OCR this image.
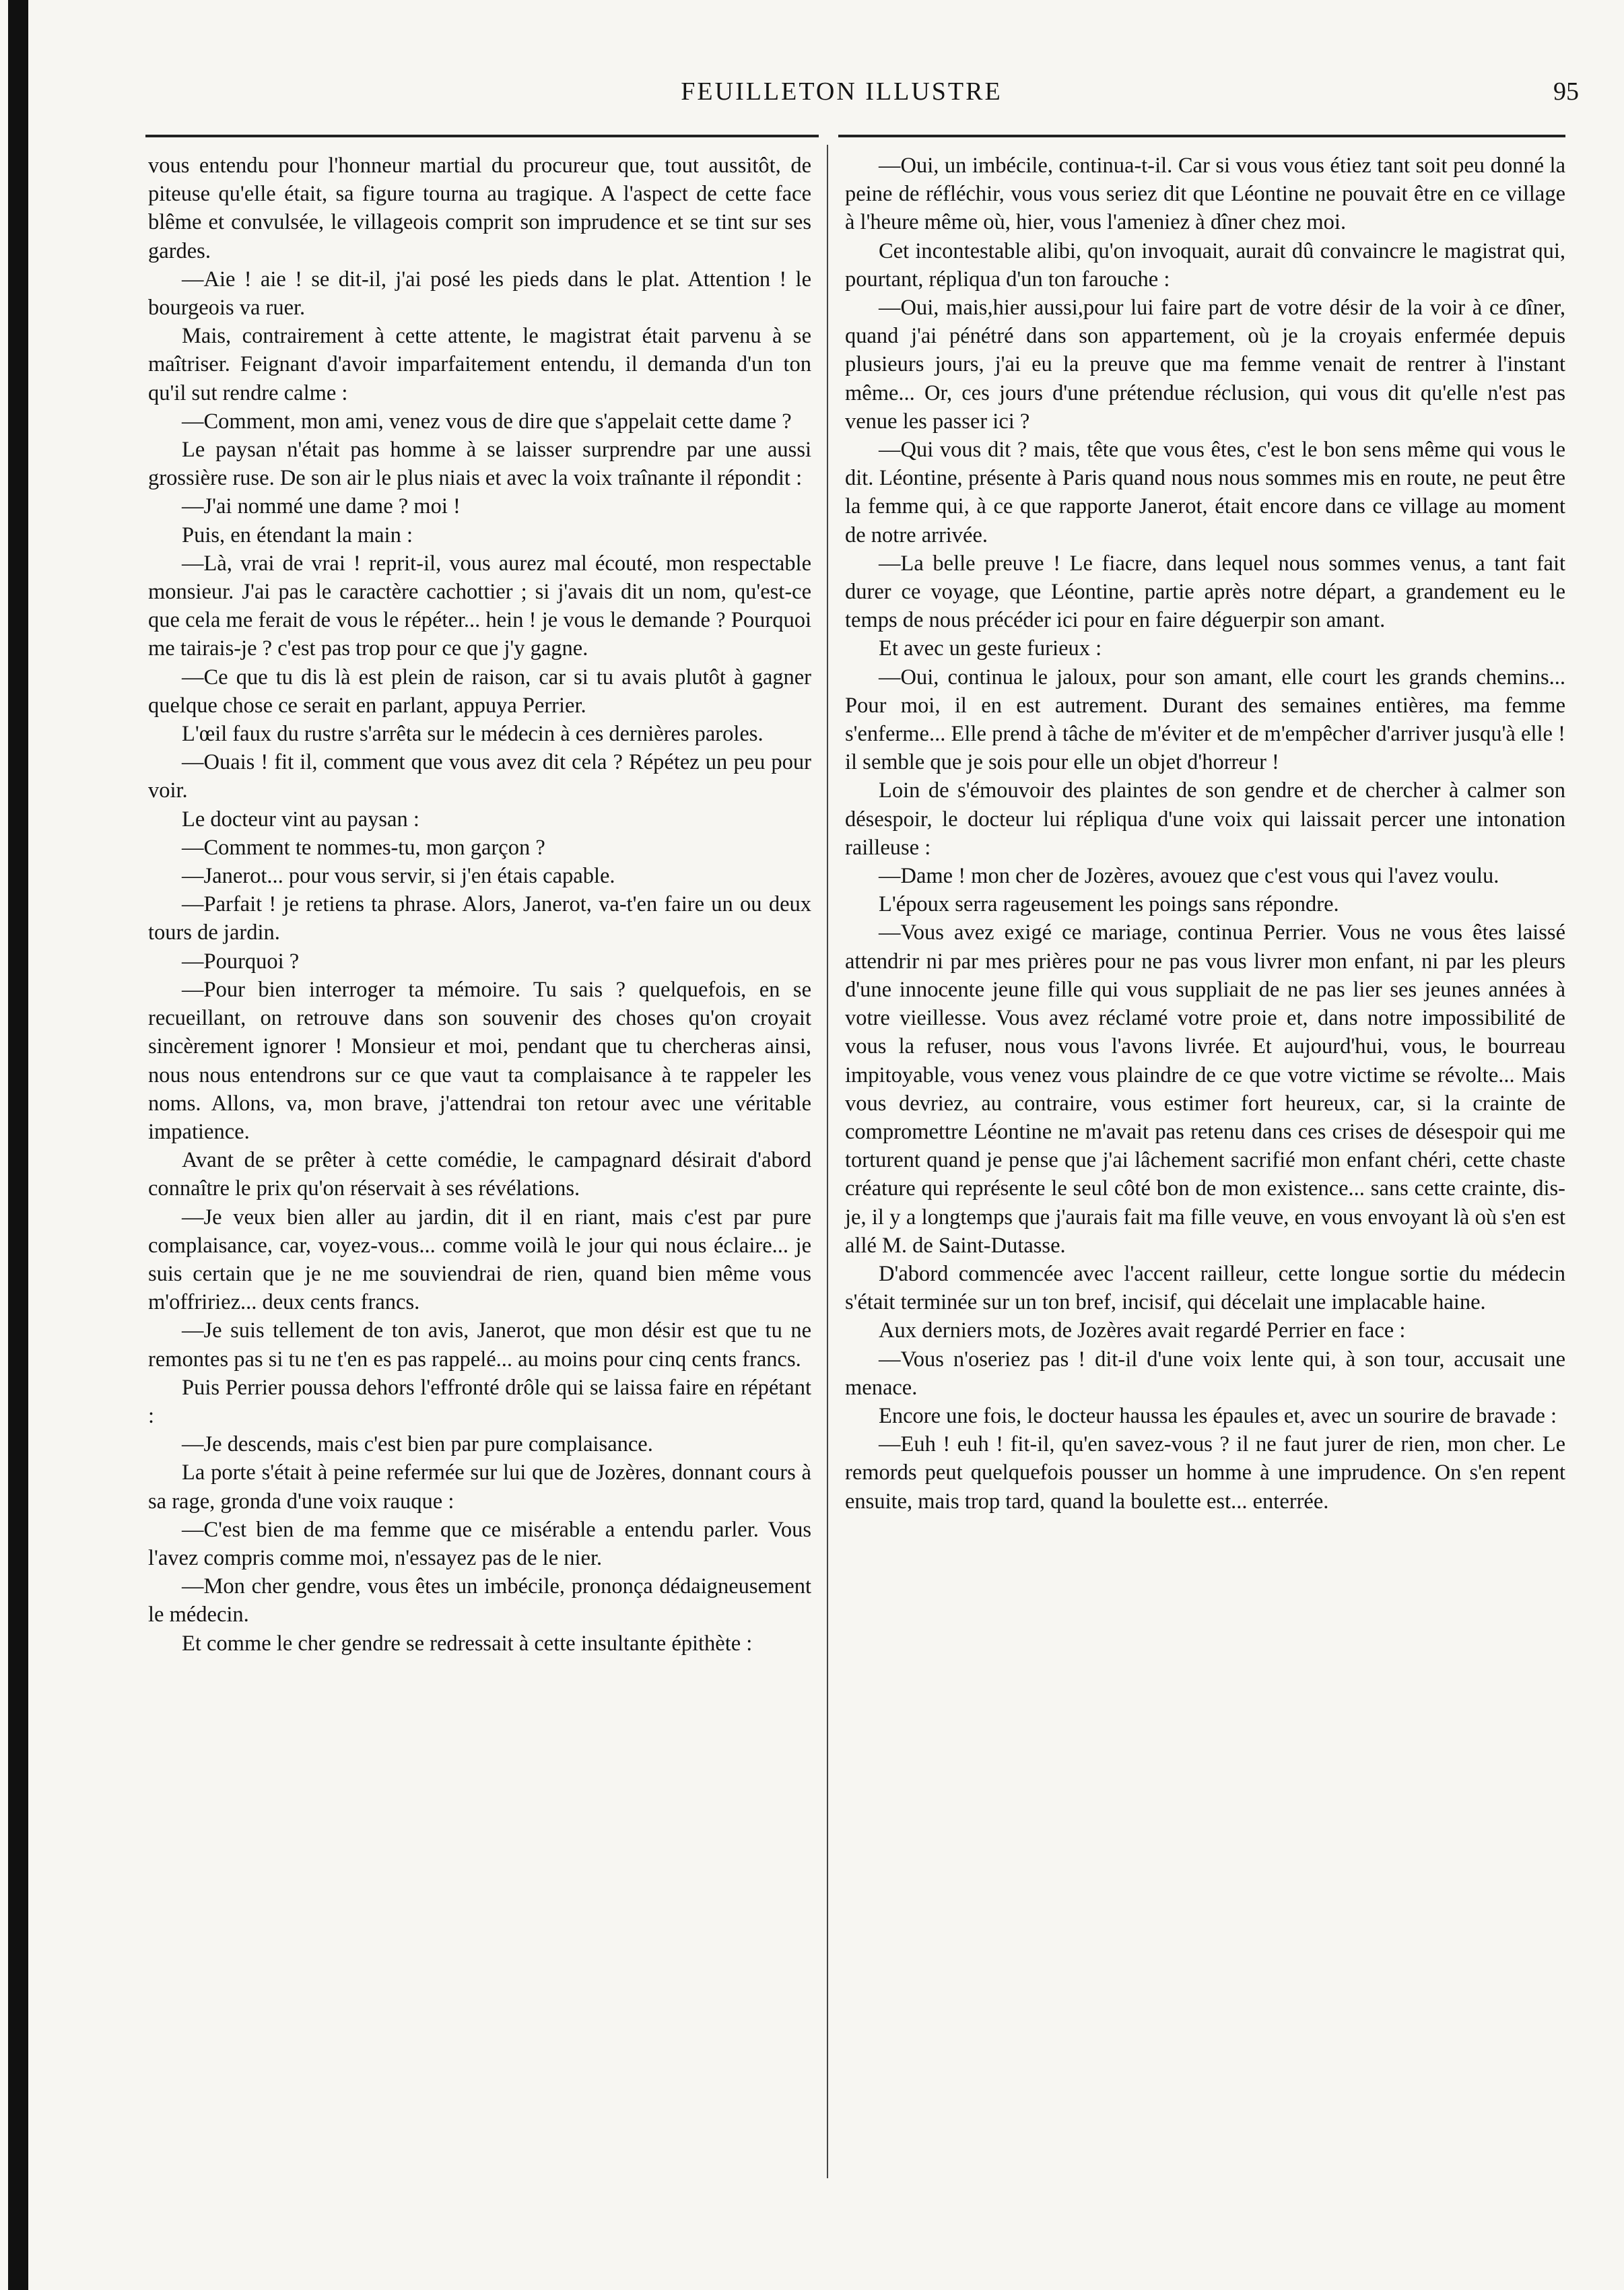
FEUILLETON ILLUSTRE	95

vous entendu pour l'honneur martial du procureur que, tout aussitôt, de piteuse qu'elle était, sa figure tourna au tragique. A l'aspect de cette face blême et convulsée, le villageois comprit son imprudence et se tint sur ses gardes.

—Aie ! aie ! se dit-il, j'ai posé les pieds dans le plat. Attention ! le bourgeois va ruer.

Mais, contrairement à cette attente, le magistrat était parvenu à se maîtriser. Feignant d'avoir imparfaitement entendu, il demanda d'un ton qu'il sut rendre calme :

—Comment, mon ami, venez vous de dire que s'appelait cette dame ?

Le paysan n'était pas homme à se laisser surprendre par une aussi grossière ruse. De son air le plus niais et avec la voix traînante il répondit :

—J'ai nommé une dame ? moi !

Puis, en étendant la main :

—Là, vrai de vrai ! reprit-il, vous aurez mal écouté, mon respectable monsieur. J'ai pas le caractère cachottier ; si j'avais dit un nom, qu'est-ce que cela me ferait de vous le répéter... hein ! je vous le demande ? Pourquoi me tairais-je ? c'est pas trop pour ce que j'y gagne.

—Ce que tu dis là est plein de raison, car si tu avais plutôt à gagner quelque chose ce serait en parlant, appuya Perrier.

L'œil faux du rustre s'arrêta sur le médecin à ces dernières paroles.

—Ouais ! fit il, comment que vous avez dit cela ? Répétez un peu pour voir.

Le docteur vint au paysan :

—Comment te nommes-tu, mon garçon ?

—Janerot... pour vous servir, si j'en étais capable.

—Parfait ! je retiens ta phrase. Alors, Janerot, va-t'en faire un ou deux tours de jardin.

—Pourquoi ?

—Pour bien interroger ta mémoire. Tu sais ? quelquefois, en se recueillant, on retrouve dans son souvenir des choses qu'on croyait sincèrement ignorer ! Monsieur et moi, pendant que tu chercheras ainsi, nous nous entendrons sur ce que vaut ta complaisance à te rappeler les noms. Allons, va, mon brave, j'attendrai ton retour avec une véritable impatience.

Avant de se prêter à cette comédie, le campagnard désirait d'abord connaître le prix qu'on réservait à ses révélations.

—Je veux bien aller au jardin, dit il en riant, mais c'est par pure complaisance, car, voyez-vous... comme voilà le jour qui nous éclaire... je suis certain que je ne me souviendrai de rien, quand bien même vous m'offririez... deux cents francs.

—Je suis tellement de ton avis, Janerot, que mon désir est que tu ne remontes pas si tu ne t'en es pas rappelé... au moins pour cinq cents francs.

Puis Perrier poussa dehors l'effronté drôle qui se laissa faire en répétant :

—Je descends, mais c'est bien par pure complaisance.

La porte s'était à peine refermée sur lui que de Jozères, donnant cours à sa rage, gronda d'une voix rauque :

—C'est bien de ma femme que ce misérable a entendu parler. Vous l'avez compris comme moi, n'essayez pas de le nier.

—Mon cher gendre, vous êtes un imbécile, prononça dédaigneusement le médecin.

Et comme le cher gendre se redressait à cette insultante épithète :

—Oui, un imbécile, continua-t-il. Car si vous vous étiez tant soit peu donné la peine de réfléchir, vous vous seriez dit que Léontine ne pouvait être en ce village à l'heure même où, hier, vous l'ameniez à dîner chez moi.

Cet incontestable alibi, qu'on invoquait, aurait dû convaincre le magistrat qui, pourtant, répliqua d'un ton farouche :

—Oui, mais,hier aussi,pour lui faire part de votre désir de la voir à ce dîner, quand j'ai pénétré dans son appartement, où je la croyais enfermée depuis plusieurs jours, j'ai eu la preuve que ma femme venait de rentrer à l'instant même... Or, ces jours d'une prétendue réclusion, qui vous dit qu'elle n'est pas venue les passer ici ?

—Qui vous dit ? mais, tête que vous êtes, c'est le bon sens même qui vous le dit. Léontine, présente à Paris quand nous nous sommes mis en route, ne peut être la femme qui, à ce que rapporte Janerot, était encore dans ce village au moment de notre arrivée.

—La belle preuve ! Le fiacre, dans lequel nous sommes venus, a tant fait durer ce voyage, que Léontine, partie après notre départ, a grandement eu le temps de nous précéder ici pour en faire déguerpir son amant.

Et avec un geste furieux :

—Oui, continua le jaloux, pour son amant, elle court les grands chemins... Pour moi, il en est autrement. Durant des semaines entières, ma femme s'enferme... Elle prend à tâche de m'éviter et de m'empêcher d'arriver jusqu'à elle ! il semble que je sois pour elle un objet d'horreur !

Loin de s'émouvoir des plaintes de son gendre et de chercher à calmer son désespoir, le docteur lui répliqua d'une voix qui laissait percer une intonation railleuse :

—Dame ! mon cher de Jozères, avouez que c'est vous qui l'avez voulu.

L'époux serra rageusement les poings sans répondre.

—Vous avez exigé ce mariage, continua Perrier. Vous ne vous êtes laissé attendrir ni par mes prières pour ne pas vous livrer mon enfant, ni par les pleurs d'une innocente jeune fille qui vous suppliait de ne pas lier ses jeunes années à votre vieillesse. Vous avez réclamé votre proie et, dans notre impossibilité de vous la refuser, nous vous l'avons livrée. Et aujourd'hui, vous, le bourreau impitoyable, vous venez vous plaindre de ce que votre victime se révolte... Mais vous devriez, au contraire, vous estimer fort heureux, car, si la crainte de compromettre Léontine ne m'avait pas retenu dans ces crises de désespoir qui me torturent quand je pense que j'ai lâchement sacrifié mon enfant chéri, cette chaste créature qui représente le seul côté bon de mon existence... sans cette crainte, dis-je, il y a longtemps que j'aurais fait ma fille veuve, en vous envoyant là où s'en est allé M. de Saint-Dutasse.

D'abord commencée avec l'accent railleur, cette longue sortie du médecin s'était terminée sur un ton bref, incisif, qui décelait une implacable haine.

Aux derniers mots, de Jozères avait regardé Perrier en face :

—Vous n'oseriez pas ! dit-il d'une voix lente qui, à son tour, accusait une menace.

Encore une fois, le docteur haussa les épaules et, avec un sourire de bravade :

—Euh ! euh ! fit-il, qu'en savez-vous ? il ne faut jurer de rien, mon cher. Le remords peut quelquefois pousser un homme à une imprudence. On s'en repent ensuite, mais trop tard, quand la boulette est... enterrée.
